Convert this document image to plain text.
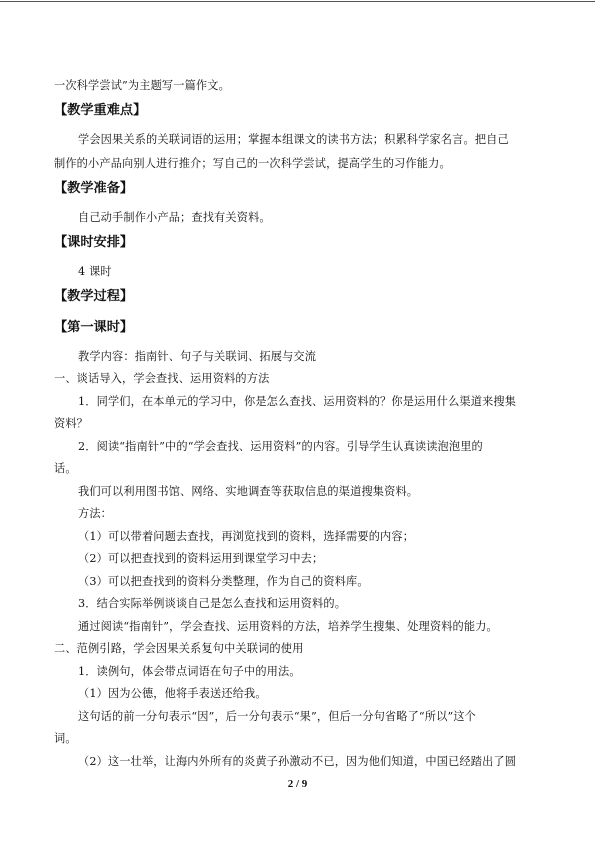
一次科学尝试”为主题写一篇作文。
【教学重难点】
学会因果关系的关联词语的运用；掌握本组课文的读书方法；积累科学家名言。把自己
制作的小产品向别人进行推介；写自己的一次科学尝试，提高学生的习作能力。
【教学准备】
自己动手制作小产品；查找有关资料。
【课时安排】
4 课时
【教学过程】
【第一课时】
教学内容：指南针、句子与关联词、拓展与交流
一、谈话导入，学会查找、运用资料的方法
1．同学们，在本单元的学习中，你是怎么查找、运用资料的？你是运用什么渠道来搜集
资料？
2．阅读“指南针”中的“学会查找、运用资料”的内容。引导学生认真读读泡泡里的
话。
我们可以利用图书馆、网络、实地调查等获取信息的渠道搜集资料。
方法：
（1）可以带着问题去查找，再浏览找到的资料，选择需要的内容；
（2）可以把查找到的资料运用到课堂学习中去；
（3）可以把查找到的资料分类整理，作为自己的资料库。
3．结合实际举例谈谈自己是怎么查找和运用资料的。
通过阅读“指南针”，学会查找、运用资料的方法，培养学生搜集、处理资料的能力。
二、范例引路，学会因果关系复句中关联词的使用
1．读例句，体会带点词语在句子中的用法。
（1）因为公德，他将手表送还给我。
这句话的前一分句表示“因”，后一分句表示“果”，但后一分句省略了“所以”这个
词。
（2）这一壮举，让海内外所有的炎黄子孙激动不已，因为他们知道，中国已经踏出了圆
2 / 9
